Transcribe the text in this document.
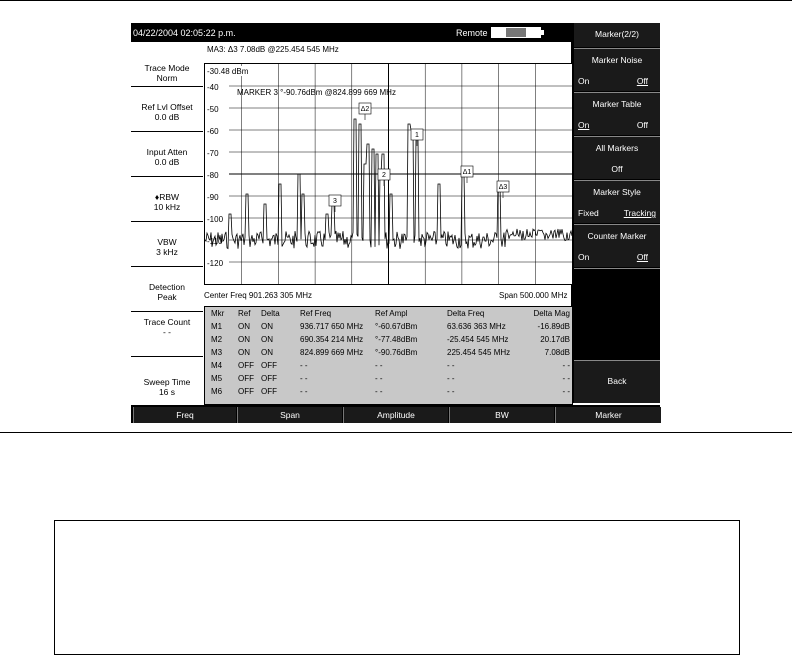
04/22/2004 02:05:22 p.m.	Remote
Trace Mode
Norm
Ref Lvl Offset
0.0 dB
Input Atten
0.0 dB
♦RBW
10 kHz
VBW
3 kHz
Detection
Peak
Trace Count
- -
Sweep Time
16 s
Marker(2/2)
Marker Noise
On	Off
Marker Table
On	Off
All Markers
Off
Marker Style
Fixed	Tracking
Counter Marker
On	Off
Back
MA3: Δ3 7.08dB @225.454 545 MHz
-30.48 dBm
-40
-50
-60
-70
-80
-90
-100
-110
-120
Δ2
2
1
Δ1
Δ3
3
MARKER 3 °-90.76dBm @824.899 669 MHz
Center Freq 901.263 305 MHz	Span 500.000 MHz
Mkr Ref Delta	Ref Freq	Ref Ampl	Delta Freq	Delta Mag
M1 ON ON	936.717 650 MHz °-60.67dBm	63.636 363 MHz	-16.89dB
M2 ON ON	690.354 214 MHz °-77.48dBm	-25.454 545 MHz	20.17dB
M3 ON ON	824.899 669 MHz °-90.76dBm	225.454 545 MHz	7.08dB
M4 OFF OFF	- -	- -	- -	- -
M5 OFF OFF	- -	- -	- -	- -
M6 OFF OFF	- -	- -	- -	- -
Freq	Span	Amplitude	BW	Marker
